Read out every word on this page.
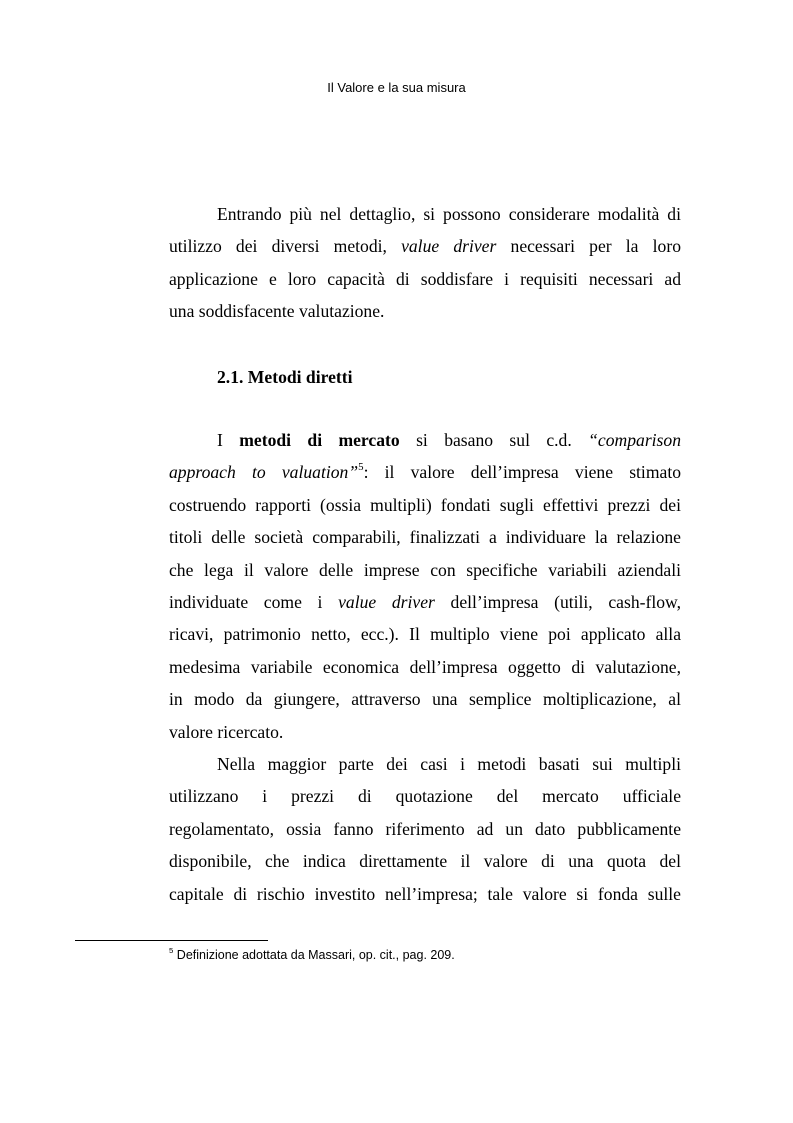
Il Valore e la sua misura
Entrando più nel dettaglio, si possono considerare modalità di
utilizzo dei diversi metodi, value driver necessari per la loro
applicazione e loro capacità di soddisfare i requisiti necessari ad
una soddisfacente valutazione.
2.1. Metodi diretti
I metodi di mercato si basano sul c.d. “comparison
approach to valuation”$^5$: il valore dell’impresa viene stimato
costruendo rapporti (ossia multipli) fondati sugli effettivi prezzi dei
titoli delle società comparabili, finalizzati a individuare la relazione
che lega il valore delle imprese con specifiche variabili aziendali
individuate come i value driver dell’impresa (utili, cash-flow,
ricavi, patrimonio netto, ecc.). Il multiplo viene poi applicato alla
medesima variabile economica dell’impresa oggetto di valutazione,
in modo da giungere, attraverso una semplice moltiplicazione, al
valore ricercato.
Nella maggior parte dei casi i metodi basati sui multipli
utilizzano i prezzi di quotazione del mercato ufficiale
regolamentato, ossia fanno riferimento ad un dato pubblicamente
disponibile, che indica direttamente il valore di una quota del
capitale di rischio investito nell’impresa; tale valore si fonda sulle
$^5$ Definizione adottata da Massari, op. cit., pag. 209.
